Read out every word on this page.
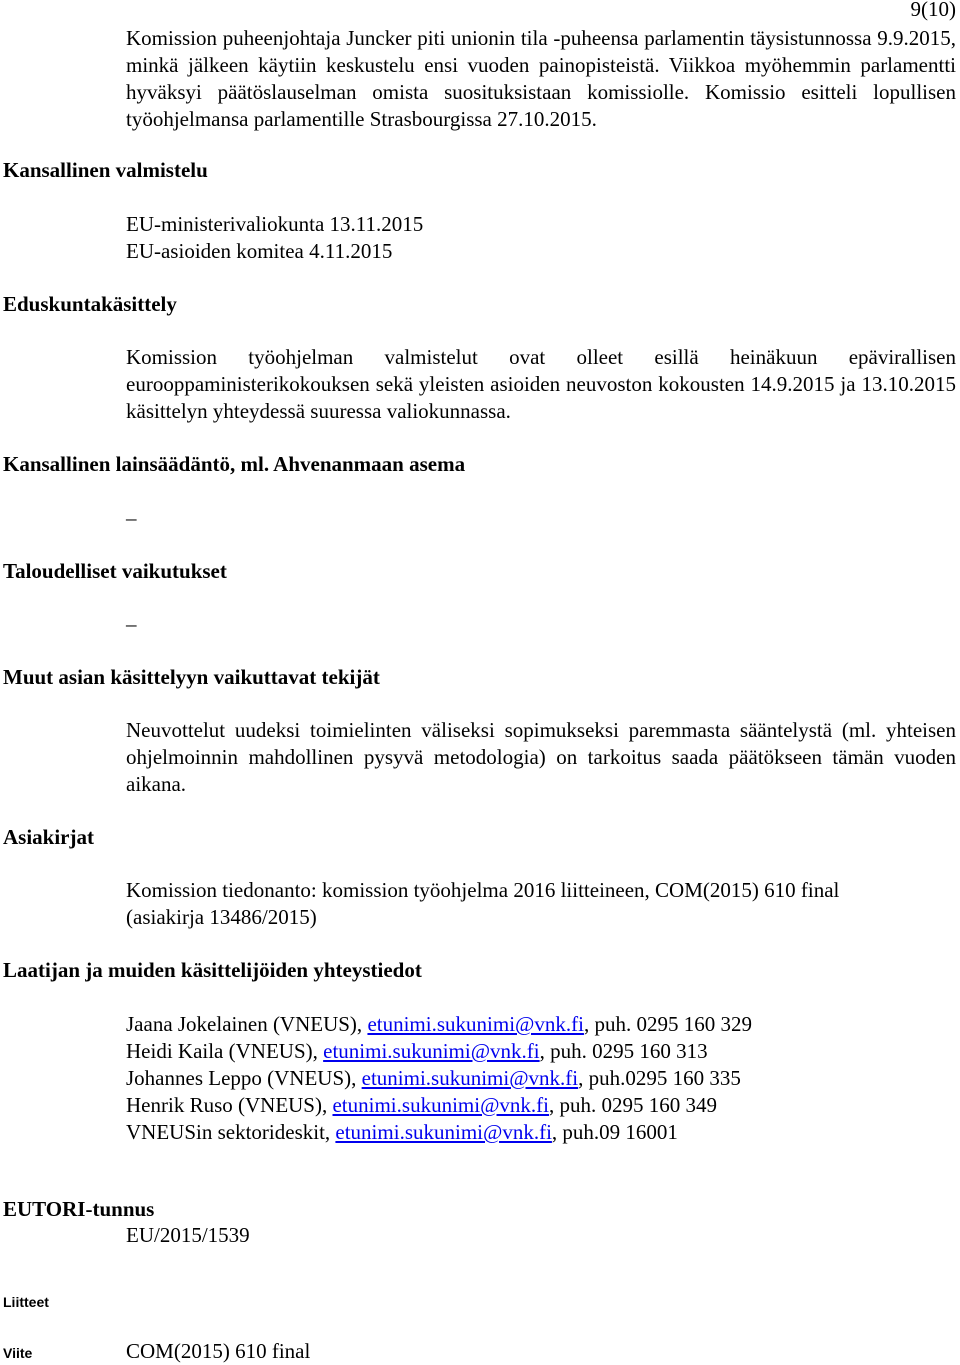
9(10)
Komission puheenjohtaja Juncker piti unionin tila -puheensa parlamentin täysistunnossa 9.9.2015, minkä jälkeen käytiin keskustelu ensi vuoden painopisteistä. Viikkoa myöhemmin parlamentti hyväksyi päätöslauselman omista suosituksistaan komissiolle. Komissio esitteli lopullisen työohjelmansa parlamentille Strasbourgissa 27.10.2015.
Kansallinen valmistelu
EU-ministerivaliokunta 13.11.2015
EU-asioiden komitea 4.11.2015
Eduskuntakäsittely
Komission työohjelman valmistelut ovat olleet esillä heinäkuun epävirallisen eurooppaministerikokouksen sekä yleisten asioiden neuvoston kokousten 14.9.2015 ja 13.10.2015 käsittelyn yhteydessä suuressa valiokunnassa.
Kansallinen lainsäädäntö, ml. Ahvenanmaan asema
–
Taloudelliset vaikutukset
–
Muut asian käsittelyyn vaikuttavat tekijät
Neuvottelut uudeksi toimielinten väliseksi sopimukseksi paremmasta sääntelystä (ml. yhteisen ohjelmoinnin mahdollinen pysyvä metodologia) on tarkoitus saada päätökseen tämän vuoden aikana.
Asiakirjat
Komission tiedonanto: komission työohjelma 2016 liitteineen, COM(2015) 610 final
(asiakirja 13486/2015)
Laatijan ja muiden käsittelijöiden yhteystiedot
Jaana Jokelainen (VNEUS), etunimi.sukunimi@vnk.fi, puh. 0295 160 329
Heidi Kaila (VNEUS), etunimi.sukunimi@vnk.fi, puh. 0295 160 313
Johannes Leppo (VNEUS), etunimi.sukunimi@vnk.fi, puh.0295 160 335
Henrik Ruso (VNEUS), etunimi.sukunimi@vnk.fi, puh. 0295 160 349
VNEUSin sektorideskit, etunimi.sukunimi@vnk.fi, puh.09 16001
EUTORI-tunnus
EU/2015/1539
Liitteet
Viite	COM(2015) 610 final
